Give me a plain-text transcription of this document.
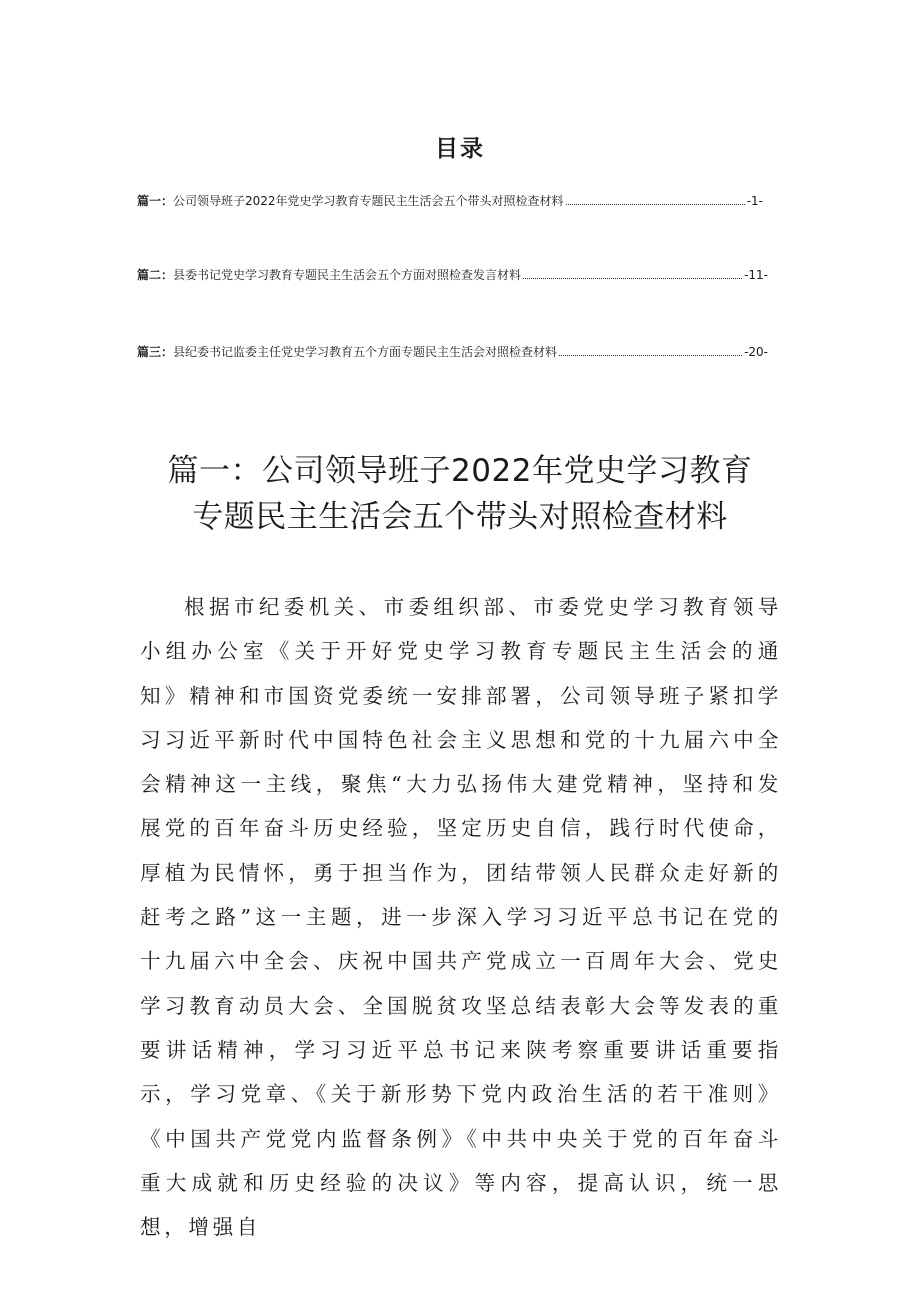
目录
篇一： 公司领导班子2022年党史学习教育专题民主生活会五个带头对照检查材料	-1-
篇二： 县委书记党史学习教育专题民主生活会五个方面对照检查发言材料	-11-
篇三： 县纪委书记监委主任党史学习教育五个方面专题民主生活会对照检查材料	-20-
篇一：公司领导班子2022年党史学习教育
专题民主生活会五个带头对照检查材料

根据市纪委机关、市委组织部、市委党史学习教育领导小组办公室《关于开好党史学习教育专题民主生活会的通知》精神和市国资党委统一安排部署，公司领导班子紧扣学习习近平新时代中国特色社会主义思想和党的十九届六中全会精神这一主线，聚焦“大力弘扬伟大建党精神，坚持和发展党的百年奋斗历史经验，坚定历史自信，践行时代使命，厚植为民情怀，勇于担当作为，团结带领人民群众走好新的赶考之路”这一主题，进一步深入学习习近平总书记在党的十九届六中全会、庆祝中国共产党成立一百周年大会、党史学习教育动员大会、全国脱贫攻坚总结表彰大会等发表的重要讲话精神，学习习近平总书记来陕考察重要讲话重要指示，学习党章、《关于新形势下党内政治生活的若干准则》《中国共产党党内监督条例》《中共中央关于党的百年奋斗重大成就和历史经验的决议》等内容，提高认识，统一思想，增强自
